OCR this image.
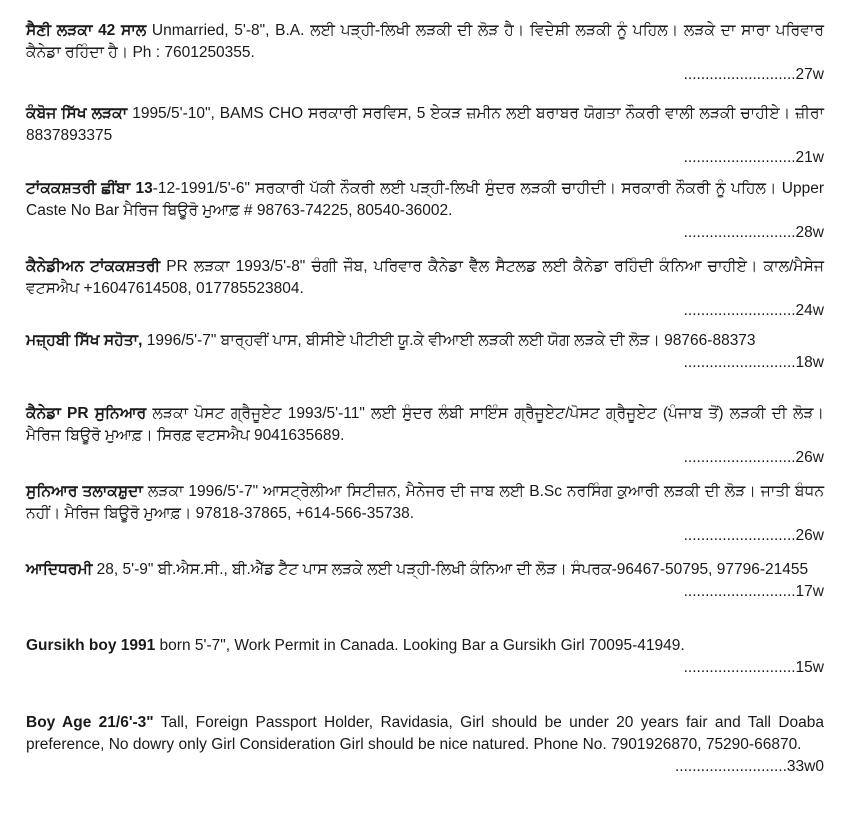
ਸੈਣੀ ਲੜਕਾ 42 ਸਾਲ Unmarried, 5'-8", B.A. ਲਈ ਪੜ੍ਹੀ-ਲਿਖੀ ਲੜਕੀ ਦੀ ਲੋੜ ਹੈ। ਵਿਦੇਸ਼ੀ ਲੜਕੀ ਨੂੰ ਪਹਿਲ। ਲੜਕੇ ਦਾ ਸਾਰਾ ਪਰਿਵਾਰ ਕੈਨੇਡਾ ਰਹਿੰਦਾ ਹੈ। Ph : 7601250355.
..........................27w
ਕੰਬੋਜ ਸਿੱਖ ਲੜਕਾ 1995/5'-10", BAMS CHO ਸਰਕਾਰੀ ਸਰਵਿਸ, 5 ਏਕੜ ਜ਼ਮੀਨ ਲਈ ਬਰਾਬਰ ਯੋਗਤਾ ਨੌਕਰੀ ਵਾਲੀ ਲੜਕੀ ਚਾਹੀਏ। ਜ਼ੀਰਾ 8837893375
..........................21w
ਟਾਂਕਕਸ਼ਤਰੀ ਛੀਂਬਾ 13-12-1991/5'-6" ਸਰਕਾਰੀ ਪੱਕੀ ਨੌਕਰੀ ਲਈ ਪੜ੍ਹੀ-ਲਿਖੀ ਸੁੰਦਰ ਲੜਕੀ ਚਾਹੀਦੀ। ਸਰਕਾਰੀ ਨੌਕਰੀ ਨੂੰ ਪਹਿਲ। Upper Caste No Bar ਮੈਰਿਜ ਬਿਊਰੋ ਮੁਆਫ਼ # 98763-74225, 80540-36002.
..........................28w
ਕੈਨੇਡੀਅਨ ਟਾਂਕਕਸ਼ਤਰੀ PR ਲੜਕਾ 1993/5'-8" ਚੰਗੀ ਜੌਬ, ਪਰਿਵਾਰ ਕੈਨੇਡਾ ਵੈੱਲ ਸੈਟਲਡ ਲਈ ਕੈਨੇਡਾ ਰਹਿੰਦੀ ਕੰਨਿਆ ਚਾਹੀਏ। ਕਾਲ/ਮੈਸੇਜ ਵਟਸਐਪ +16047614508, 017785523804.
..........................24w
ਮਜ਼੍ਹਬੀ ਸਿੱਖ ਸਹੋਤਾ, 1996/5'-7" ਬਾਰ੍ਹਵੀਂ ਪਾਸ, ਬੀਸੀਏ ਪੀਟੀਈ ਯੂ.ਕੇ ਵੀਆਈ ਲੜਕੀ ਲਈ ਯੋਗ ਲੜਕੇ ਦੀ ਲੋੜ। 98766-88373
..........................18w
ਕੈਨੇਡਾ PR ਸੁਨਿਆਰ ਲੜਕਾ ਪੋਸਟ ਗ੍ਰੈਜੂਏਟ 1993/5'-11" ਲਈ ਸੁੰਦਰ ਲੰਬੀ ਸਾਇੰਸ ਗ੍ਰੈਜੂਏਟ/ਪੋਸਟ ਗ੍ਰੈਜੂਏਟ (ਪੰਜਾਬ ਤੋਂ) ਲੜਕੀ ਦੀ ਲੋੜ। ਮੈਰਿਜ ਬਿਊਰੋ ਮੁਆਫ਼। ਸਿਰਫ਼ ਵਟਸਐਪ 9041635689.
..........................26w
ਸੁਨਿਆਰ ਤਲਾਕਸ਼ੁਦਾ ਲੜਕਾ 1996/5'-7" ਆਸਟ੍ਰੇਲੀਆ ਸਿਟੀਜ਼ਨ, ਮੈਨੇਜਰ ਦੀ ਜਾਬ ਲਈ B.Sc ਨਰਸਿੰਗ ਕੁਆਰੀ ਲੜਕੀ ਦੀ ਲੋੜ। ਜਾਤੀ ਬੰਧਨ ਨਹੀਂ। ਮੈਰਿਜ ਬਿਊਰੋ ਮੁਆਫ਼। 97818-37865, +614-566-35738.
..........................26w
ਆਦਿਧਰਮੀ 28, 5'-9" ਬੀ.ਐਸ.ਸੀ., ਬੀ.ਐੱਡ ਟੈੱਟ ਪਾਸ ਲੜਕੇ ਲਈ ਪੜ੍ਹੀ-ਲਿਖੀ ਕੰਨਿਆ ਦੀ ਲੋੜ। ਸੰਪਰਕ-96467-50795, 97796-21455
..........................17w
Gursikh boy 1991 born 5'-7", Work Permit in Canada. Looking Bar a Gursikh Girl 70095-41949.
..........................15w
Boy Age 21/6'-3" Tall, Foreign Passport Holder, Ravidasia, Girl should be under 20 years fair and Tall Doaba preference, No dowry only Girl Consideration Girl should be nice natured. Phone No. 7901926870, 75290-66870.
..........................33w0
